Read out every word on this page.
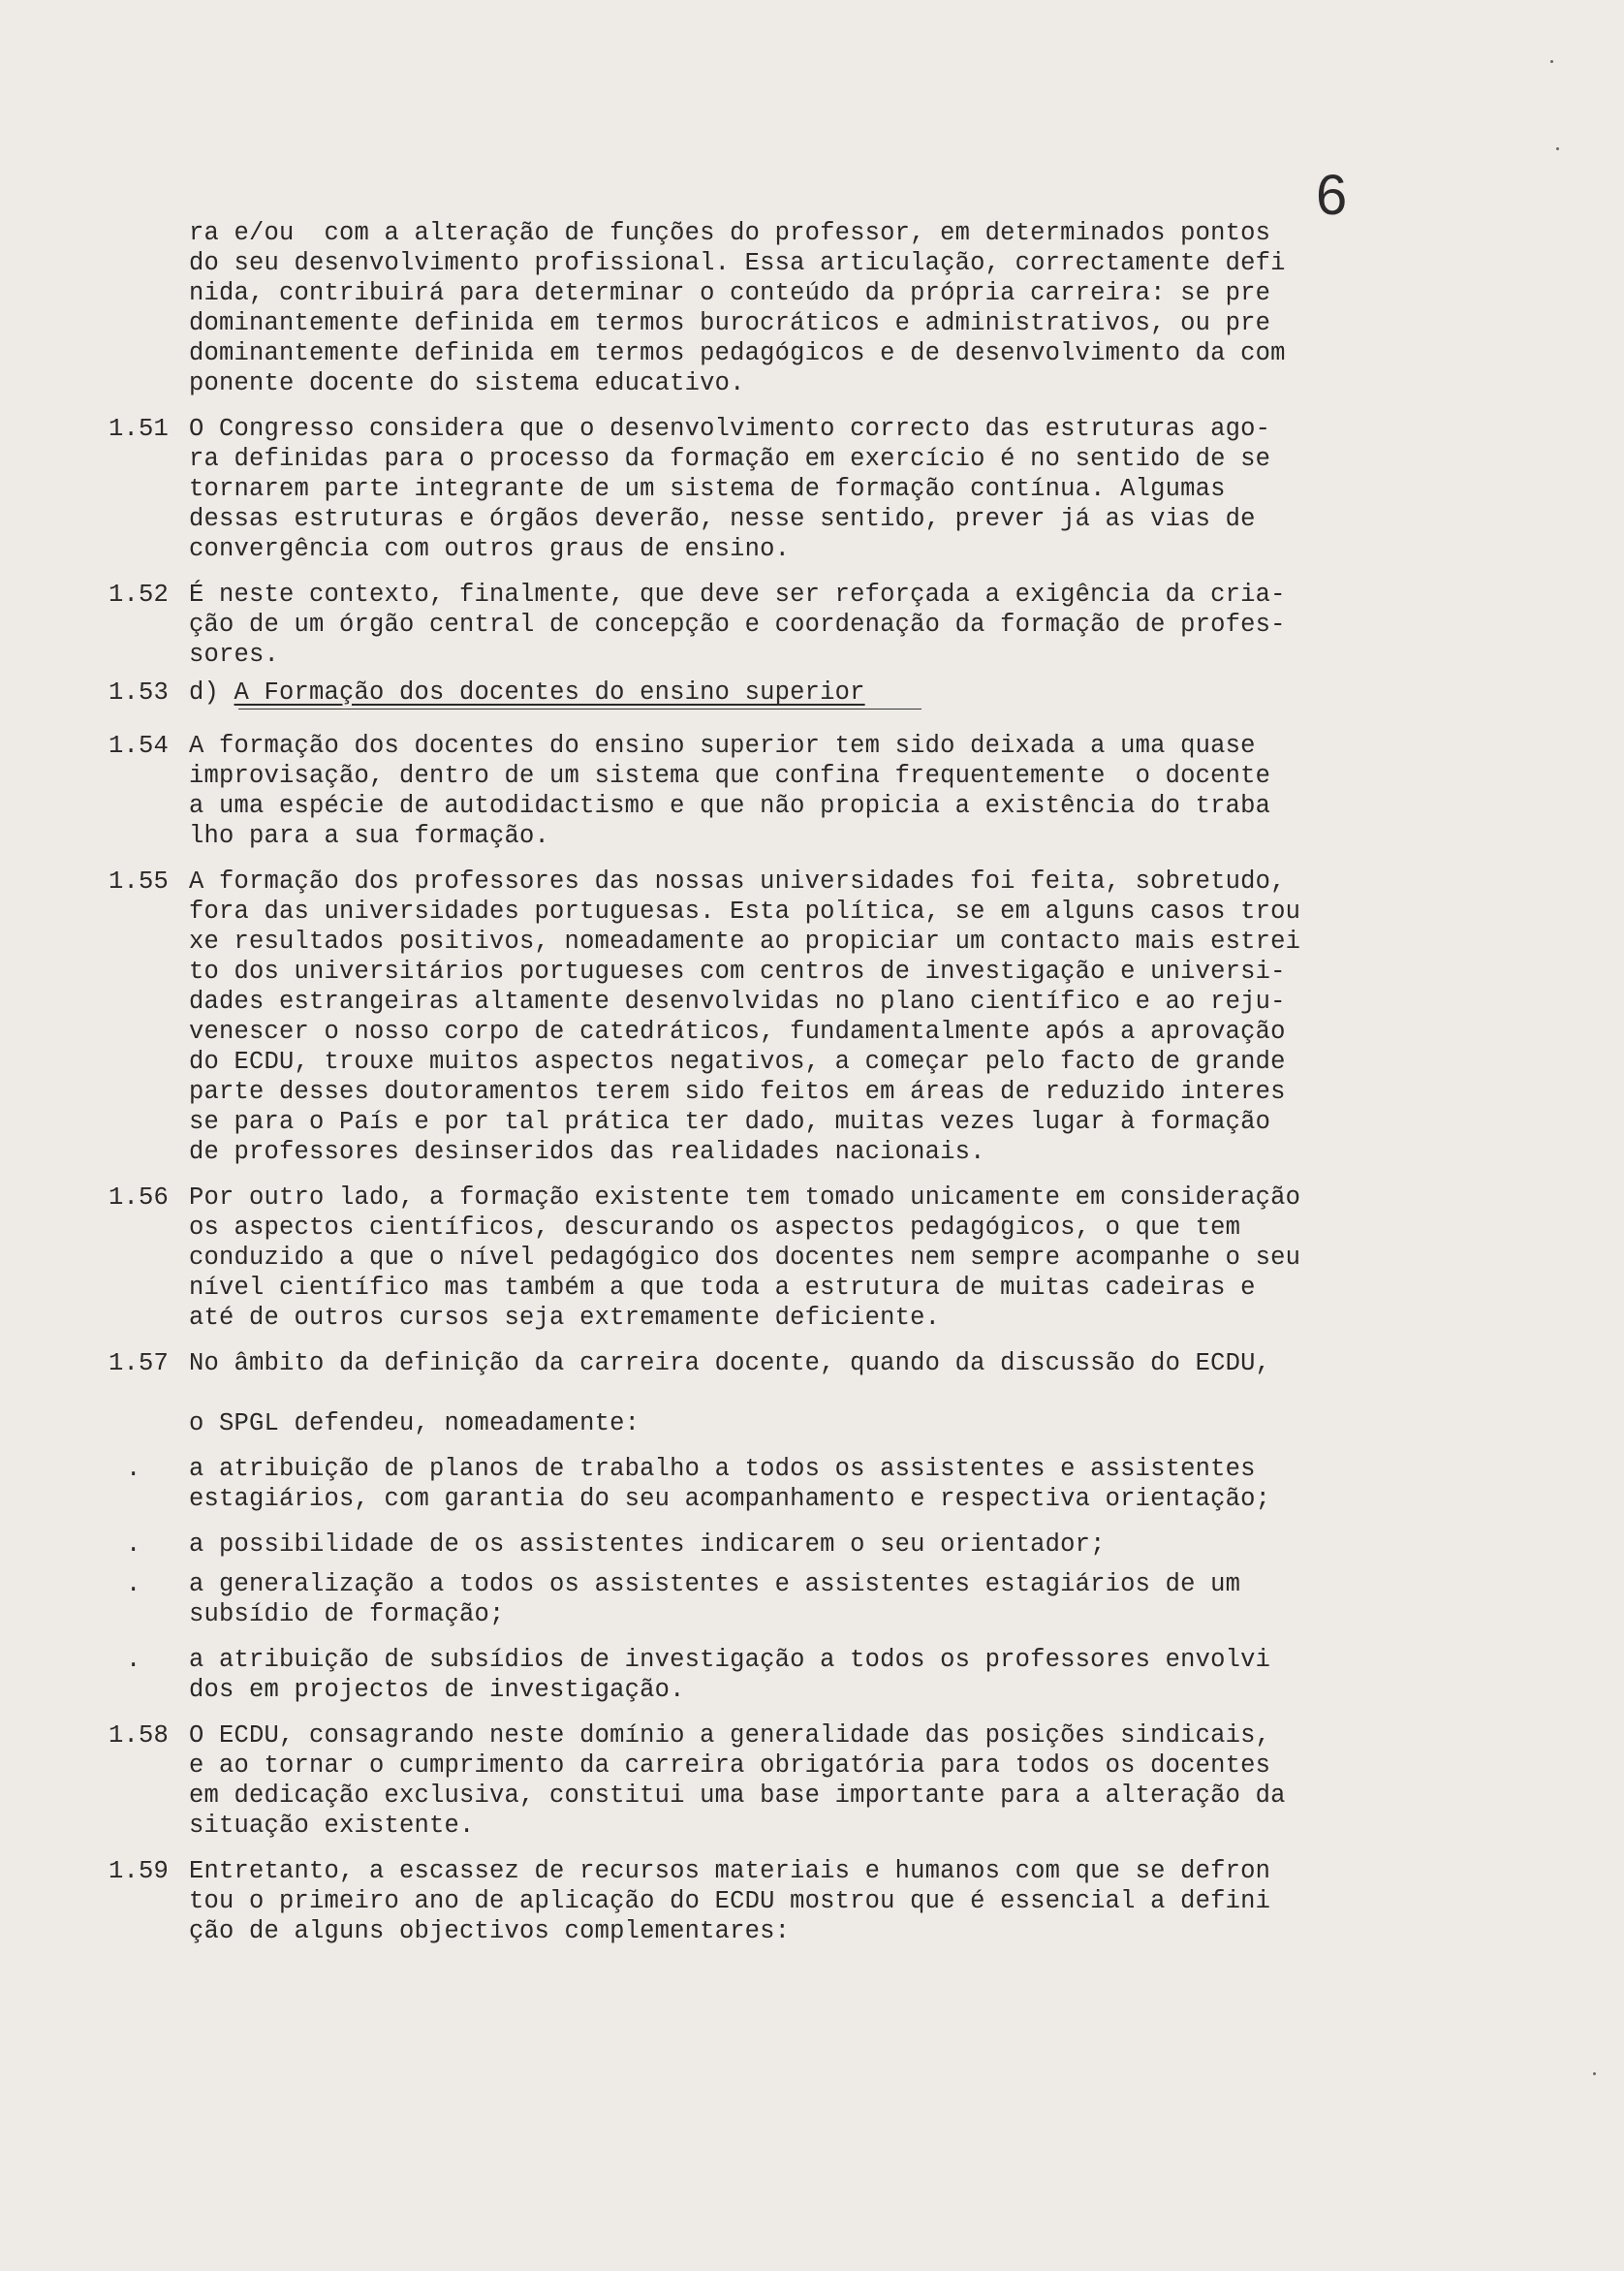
6
ra e/ou  com a alteração de funções do professor, em determinados pontos
do seu desenvolvimento profissional. Essa articulação, correctamente defi
nida, contribuirá para determinar o conteúdo da própria carreira: se pre
dominantemente definida em termos burocráticos e administrativos, ou pre
dominantemente definida em termos pedagógicos e de desenvolvimento da com
ponente docente do sistema educativo.
1.51 O Congresso considera que o desenvolvimento correcto das estruturas ago-
ra definidas para o processo da formação em exercício é no sentido de se
tornarem parte integrante de um sistema de formação contínua. Algumas
dessas estruturas e órgãos deverão, nesse sentido, prever já as vias de
convergência com outros graus de ensino.
1.52 É neste contexto, finalmente, que deve ser reforçada a exigência da cria-
ção de um órgão central de concepção e coordenação da formação de profes-
sores.
1.53 d) A Formação dos docentes do ensino superior
1.54 A formação dos docentes do ensino superior tem sido deixada a uma quase
improvisação, dentro de um sistema que confina frequentemente  o docente
a uma espécie de autodidactismo e que não propicia a existência do traba
lho para a sua formação.
1.55 A formação dos professores das nossas universidades foi feita, sobretudo,
fora das universidades portuguesas. Esta política, se em alguns casos trou
xe resultados positivos, nomeadamente ao propiciar um contacto mais estrei
to dos universitários portugueses com centros de investigação e universi-
dades estrangeiras altamente desenvolvidas no plano científico e ao reju-
venescer o nosso corpo de catedráticos, fundamentalmente após a aprovação
do ECDU, trouxe muitos aspectos negativos, a começar pelo facto de grande
parte desses doutoramentos terem sido feitos em áreas de reduzido interes
se para o País e por tal prática ter dado, muitas vezes lugar à formação
de professores desinseridos das realidades nacionais.
1.56 Por outro lado, a formação existente tem tomado unicamente em consideração
os aspectos científicos, descurando os aspectos pedagógicos, o que tem
conduzido a que o nível pedagógico dos docentes nem sempre acompanhe o seu
nível científico mas também a que toda a estrutura de muitas cadeiras e
até de outros cursos seja extremamente deficiente.
1.57 No âmbito da definição da carreira docente, quando da discussão do ECDU,
o SPGL defendeu, nomeadamente:
. a atribuição de planos de trabalho a todos os assistentes e assistentes
estagiários, com garantia do seu acompanhamento e respectiva orientação;
. a possibilidade de os assistentes indicarem o seu orientador;
. a generalização a todos os assistentes e assistentes estagiários de um
subsídio de formação;
. a atribuição de subsídios de investigação a todos os professores envolvi
dos em projectos de investigação.
1.58 O ECDU, consagrando neste domínio a generalidade das posições sindicais,
e ao tornar o cumprimento da carreira obrigatória para todos os docentes
em dedicação exclusiva, constitui uma base importante para a alteração da
situação existente.
1.59 Entretanto, a escassez de recursos materiais e humanos com que se defron
tou o primeiro ano de aplicação do ECDU mostrou que é essencial a defini
ção de alguns objectivos complementares:
